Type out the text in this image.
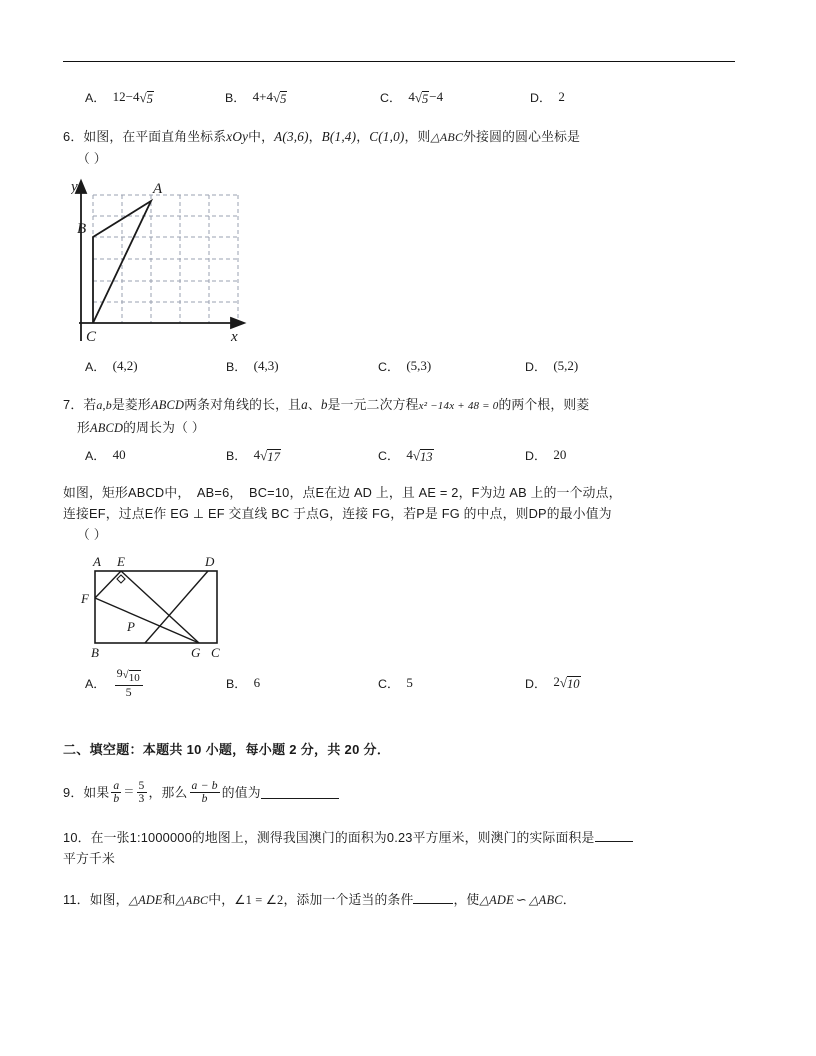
A． 12−4 √ 5	B． 4+4 √ 5	C． 4 √ 5 −4	D． 2
6．如图，在平面直角坐标系xOy中，A(3,6)，B(1,4)，C(1,0)，则△ABC外接圆的圆心坐标是
（ ）
A
B
C	x
y
A． (4,2)	B． (4,3)	C． (5,3)	D． (5,2)
7．若a,b是菱形ABCD两条对角线的长，且a、b是一元二次方程x² −14x + 48 = 0的两个根，则菱
形ABCD的周长为（ ）
A． 40	B． 4 √ 17	C． 4 √ 13	D． 20
如图，矩形ABCD中，　AB=6，　BC=10，点E在边 AD 上，且 AE = 2，F为边 AB 上的一个动点，
连接EF，过点E作 EG ⊥ EF 交直线 BC 于点G，连接 FG，若P是 FG 的中点，则DP的最小值为
（ ）
A E	D
F
P
B	G C
A． $\frac{9 √ 10}{5}$	B． 6	C． 5	D． 2 √ 10
二、填空题：本题共 10 小题，每小题 2 分，共 20 分．
9． 如果 $\frac{a}{b} = \frac{5}{3}$ ，那么 $\frac{a - b}{b}$ 的值为
10．在一张1:1000000的地图上，测得我国澳门的面积为0.23平方厘米，则澳门的实际面积是
平方千米
11．如图，△ADE和△ABC中，∠1 = ∠2，添加一个适当的条件	，使△ADE ∽ △ABC．
